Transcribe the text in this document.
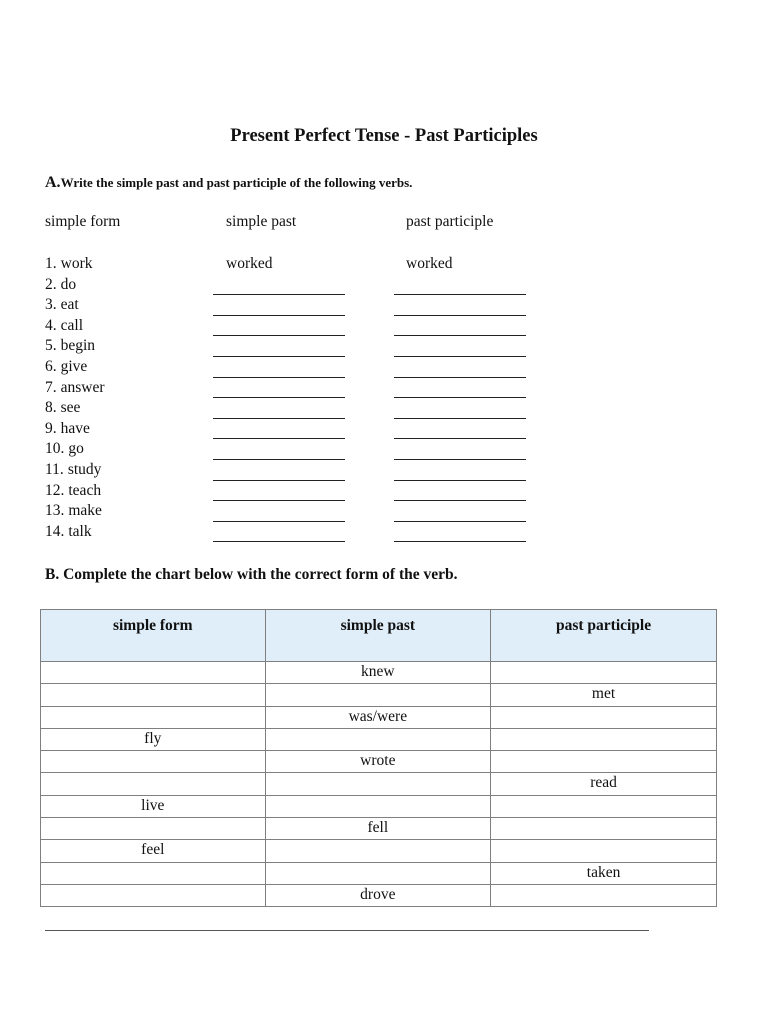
Present Perfect Tense - Past Participles
A.Write the simple past and past participle of the following verbs.
simple form	simple past	past participle
1. work	worked	worked
2. do
3. eat
4. call
5. begin
6. give
7. answer
8. see
9. have
10. go
11. study
12. teach
13. make
14. talk
B. Complete the chart below with the correct form of the verb.
simple form	simple past	past participle
	knew	
		met
	was/were	
fly		
	wrote	
		read
live		
	fell	
feel		
		taken
	drove	
